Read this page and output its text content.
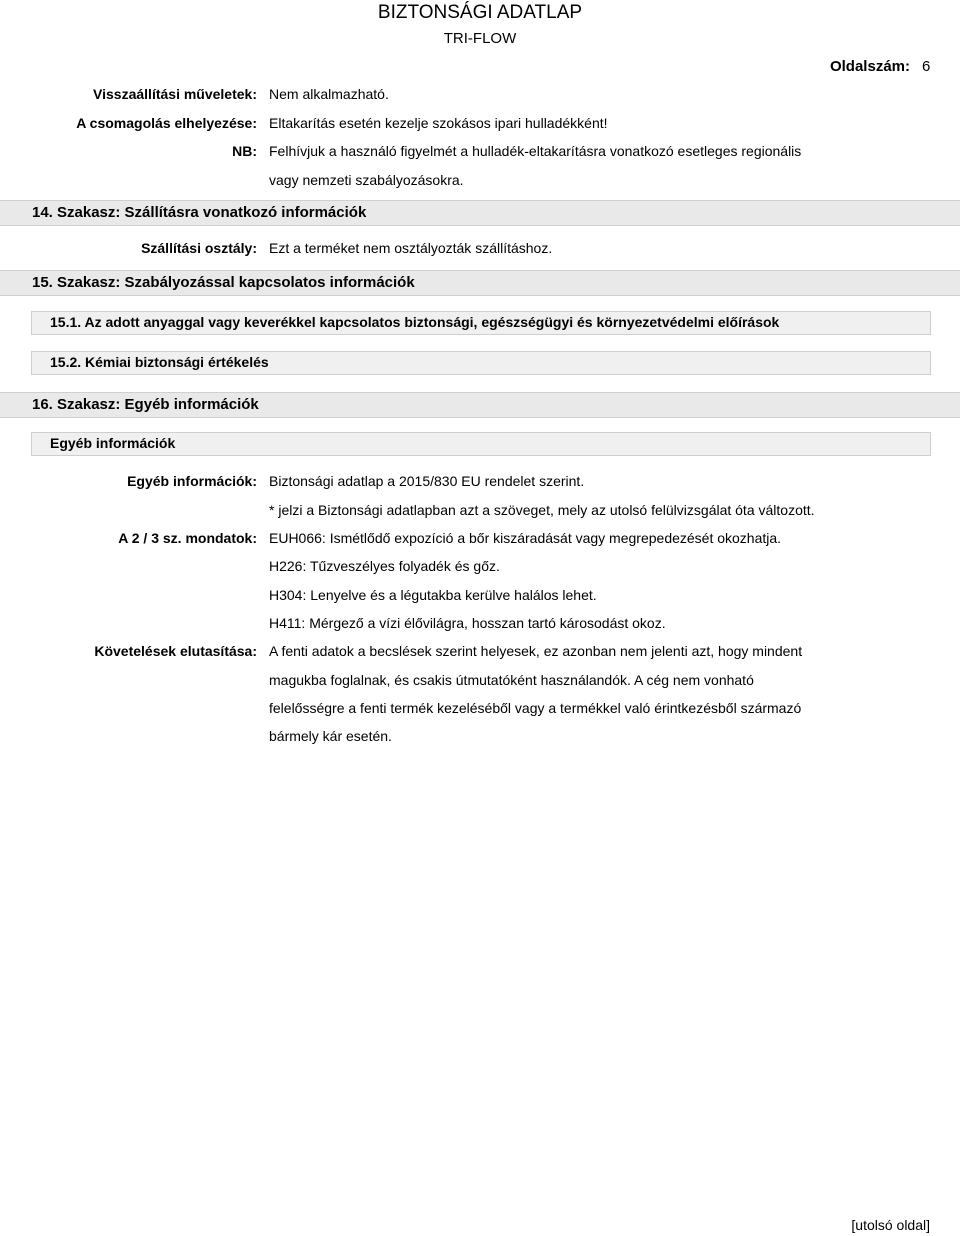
BIZTONSÁGI ADATLAP
TRI-FLOW
Oldalszám: 6
Visszaállítási műveletek: Nem alkalmazható.
A csomagolás elhelyezése: Eltakarítás esetén kezelje szokásos ipari hulladékként!
NB: Felhívjuk a használó figyelmét a hulladék-eltakarításra vonatkozó esetleges regionális
vagy nemzeti szabályozásokra.
14. Szakasz: Szállításra vonatkozó információk
Szállítási osztály: Ezt a terméket nem osztályozták szállításhoz.
15. Szakasz: Szabályozással kapcsolatos információk
15.1. Az adott anyaggal vagy keverékkel kapcsolatos biztonsági, egészségügyi és környezetvédelmi előírások
15.2. Kémiai biztonsági értékelés
16. Szakasz: Egyéb információk
Egyéb információk
Egyéb információk: Biztonsági adatlap a 2015/830 EU rendelet szerint.
* jelzi a Biztonsági adatlapban azt a szöveget, mely az utolsó felülvizsgálat óta változott.
A 2 / 3 sz. mondatok: EUH066: Ismétlődő expozíció a bőr kiszáradását vagy megrepedezését okozhatja.
H226: Tűzveszélyes folyadék és gőz.
H304: Lenyelve és a légutakba kerülve halálos lehet.
H411: Mérgező a vízi élővilágra, hosszan tartó károsodást okoz.
Követelések elutasítása: A fenti adatok a becslések szerint helyesek, ez azonban nem jelenti azt, hogy mindent
magukba foglalnak, és csakis útmutatóként használandók. A cég nem vonható
felelősségre a fenti termék kezeléséből vagy a termékkel való érintkezésből származó
bármely kár esetén.
[utolsó oldal]
